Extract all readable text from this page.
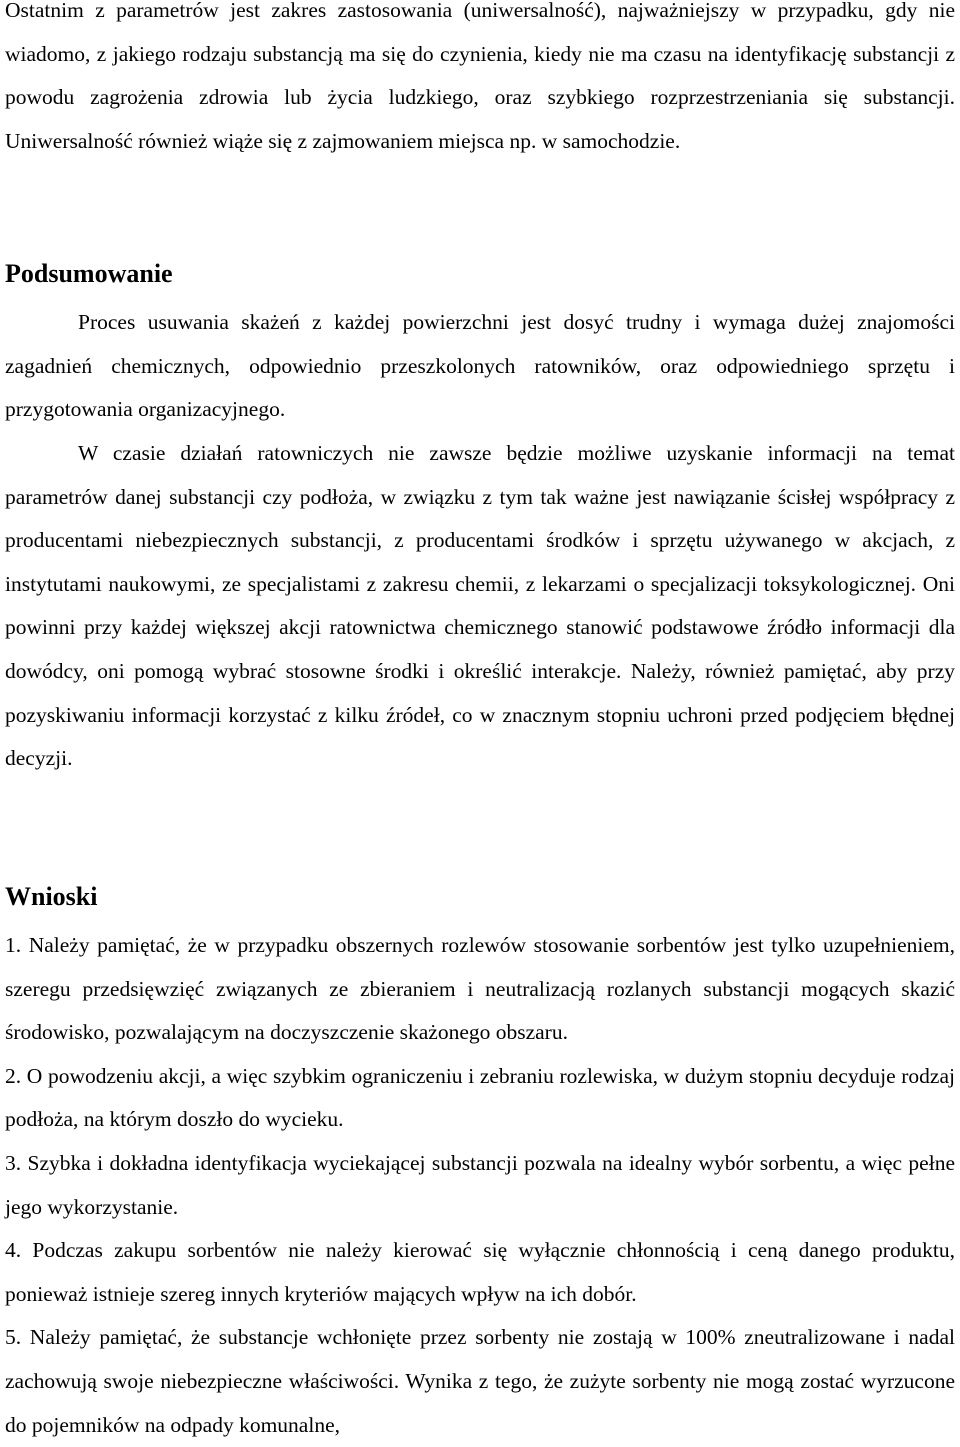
Ostatnim z parametrów jest zakres zastosowania (uniwersalność), najważniejszy w przypadku, gdy nie wiadomo, z jakiego rodzaju substancją ma się do czynienia, kiedy nie ma czasu na identyfikację substancji z powodu zagrożenia zdrowia lub życia ludzkiego, oraz szybkiego rozprzestrzeniania się substancji. Uniwersalność również wiąże się z zajmowaniem miejsca np. w samochodzie.

Podsumowanie

Proces usuwania skażeń z każdej powierzchni jest dosyć trudny i wymaga dużej znajomości zagadnień chemicznych, odpowiednio przeszkolonych ratowników, oraz odpowiedniego sprzętu i przygotowania organizacyjnego.

W czasie działań ratowniczych nie zawsze będzie możliwe uzyskanie informacji na temat parametrów danej substancji czy podłoża, w związku z tym tak ważne jest nawiązanie ścisłej współpracy z producentami niebezpiecznych substancji, z producentami środków i sprzętu używanego w akcjach, z instytutami naukowymi, ze specjalistami z zakresu chemii, z lekarzami o specjalizacji toksykologicznej. Oni powinni przy każdej większej akcji ratownictwa chemicznego stanowić podstawowe źródło informacji dla dowódcy, oni pomogą wybrać stosowne środki i określić interakcje. Należy, również pamiętać, aby przy pozyskiwaniu informacji korzystać z kilku źródeł, co w znacznym stopniu uchroni przed podjęciem błędnej decyzji.

Wnioski

1. Należy pamiętać, że w przypadku obszernych rozlewów stosowanie sorbentów jest tylko uzupełnieniem, szeregu przedsięwzięć związanych ze zbieraniem i neutralizacją rozlanych substancji mogących skazić środowisko, pozwalającym na doczyszczenie skażonego obszaru.

2. O powodzeniu akcji, a więc szybkim ograniczeniu i zebraniu rozlewiska, w dużym stopniu decyduje rodzaj podłoża, na którym doszło do wycieku.

3. Szybka i dokładna identyfikacja wyciekającej substancji pozwala na idealny wybór sorbentu, a więc pełne jego wykorzystanie.

4. Podczas zakupu sorbentów nie należy kierować się wyłącznie chłonnością i ceną danego produktu, ponieważ istnieje szereg innych kryteriów mających wpływ na ich dobór.

5. Należy pamiętać, że substancje wchłonięte przez sorbenty nie zostają w 100% zneutralizowane i nadal zachowują swoje niebezpieczne właściwości. Wynika z tego, że zużyte sorbenty nie mogą zostać wyrzucone do pojemników na odpady komunalne,
